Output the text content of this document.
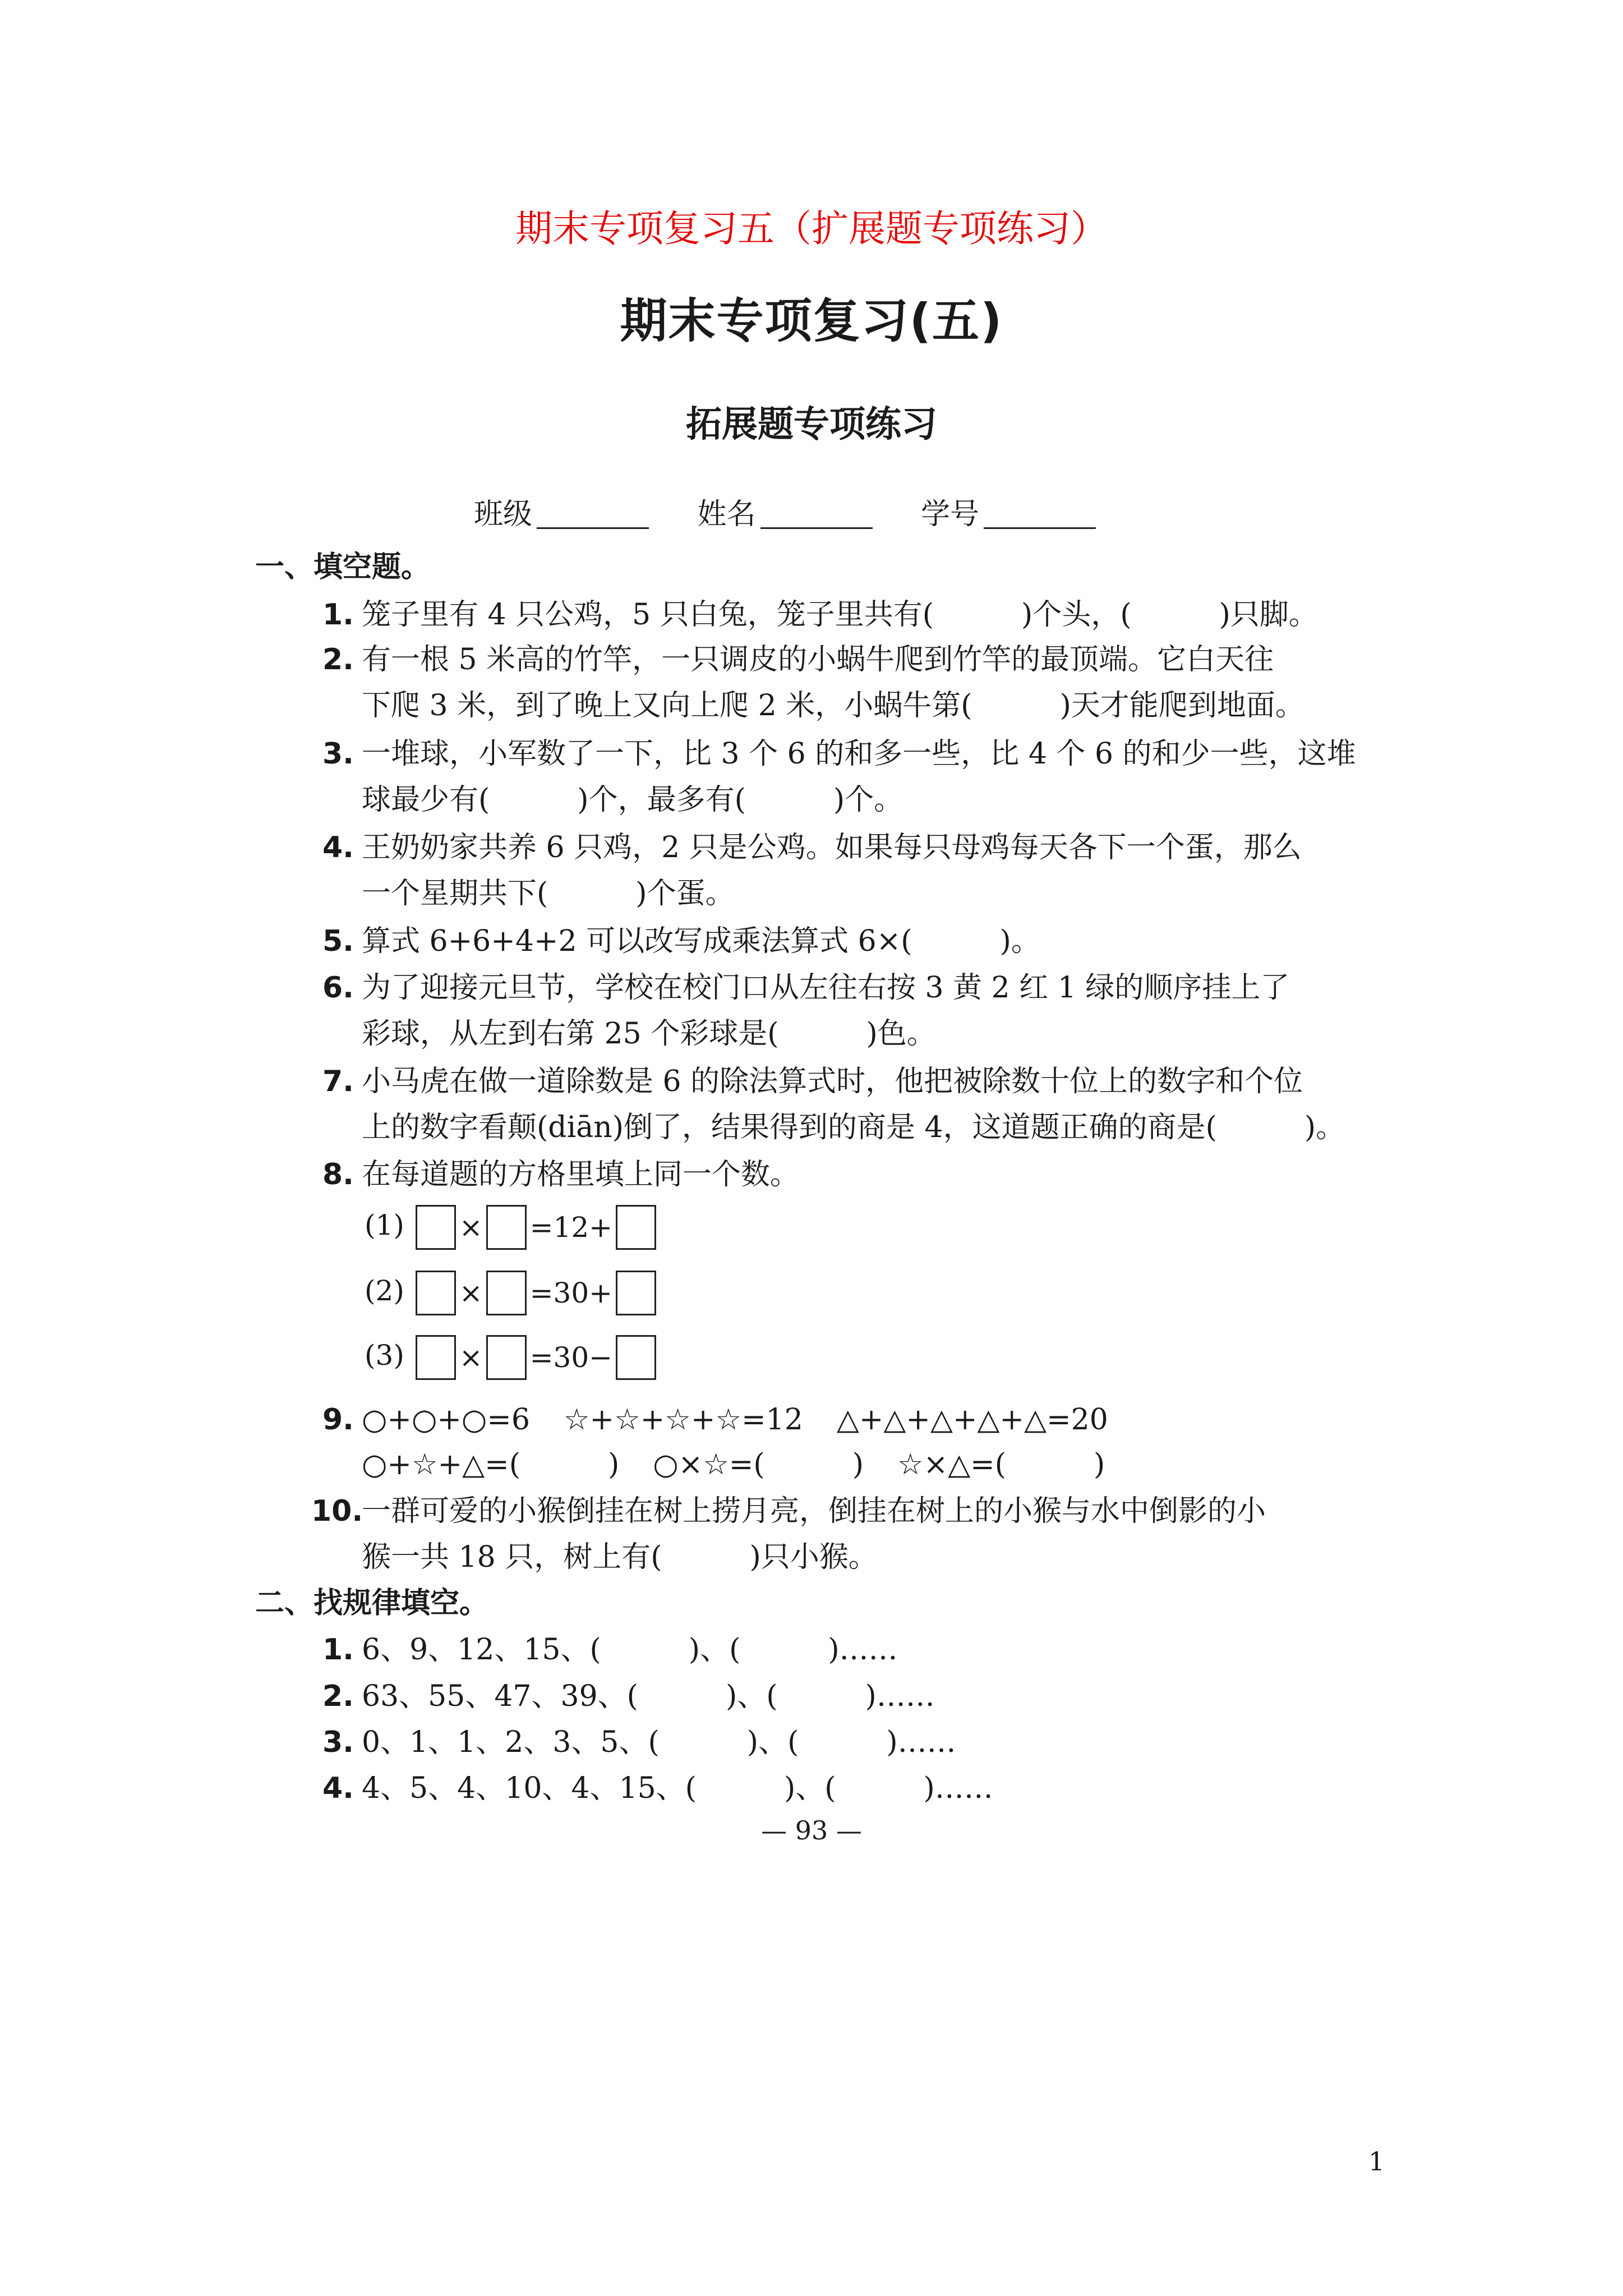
期末专项复习五（扩展题专项练习）
期末专项复习(五)
拓展题专项练习
班级	姓名	学号
一、填空题。
1. 笼子里有 4 只公鸡，5 只白兔，笼子里共有(　　　)个头，(　　　)只脚。
2. 有一根 5 米高的竹竿，一只调皮的小蜗牛爬到竹竿的最顶端。它白天往
下爬 3 米，到了晚上又向上爬 2 米，小蜗牛第(　　　)天才能爬到地面。
3. 一堆球，小军数了一下，比 3 个 6 的和多一些，比 4 个 6 的和少一些，这堆
球最少有(　　　)个，最多有(　　　)个。
4. 王奶奶家共养 6 只鸡，2 只是公鸡。如果每只母鸡每天各下一个蛋，那么
一个星期共下(　　　)个蛋。
5. 算式 6+6+4+2 可以改写成乘法算式 6×(　　　)。
6. 为了迎接元旦节，学校在校门口从左往右按 3 黄 2 红 1 绿的顺序挂上了
彩球，从左到右第 25 个彩球是(　　　)色。
7. 小马虎在做一道除数是 6 的除法算式时，他把被除数十位上的数字和个位
上的数字看颠(diān)倒了，结果得到的商是 4，这道题正确的商是(　　　)。
8. 在每道题的方格里填上同一个数。
(1) × =12+
(2) × =30+
(3) × =30−
9. ○+○+○=6 ☆+☆+☆+☆=12 △+△+△+△+△=20
○+☆+△=(　　　) ○×☆=(　　　) ☆×△=(　　　)
10.一群可爱的小猴倒挂在树上捞月亮，倒挂在树上的小猴与水中倒影的小
猴一共 18 只，树上有(　　　)只小猴。
二、找规律填空。
1. 6、9、12、15、(　　　)、(　　　)……
2. 63、55、47、39、(　　　)、(　　　)……
3. 0、1、1、2、3、5、(　　　)、(　　　)……
4. 4、5、4、10、4、15、(　　　)、(　　　)……
— 93 —
1
